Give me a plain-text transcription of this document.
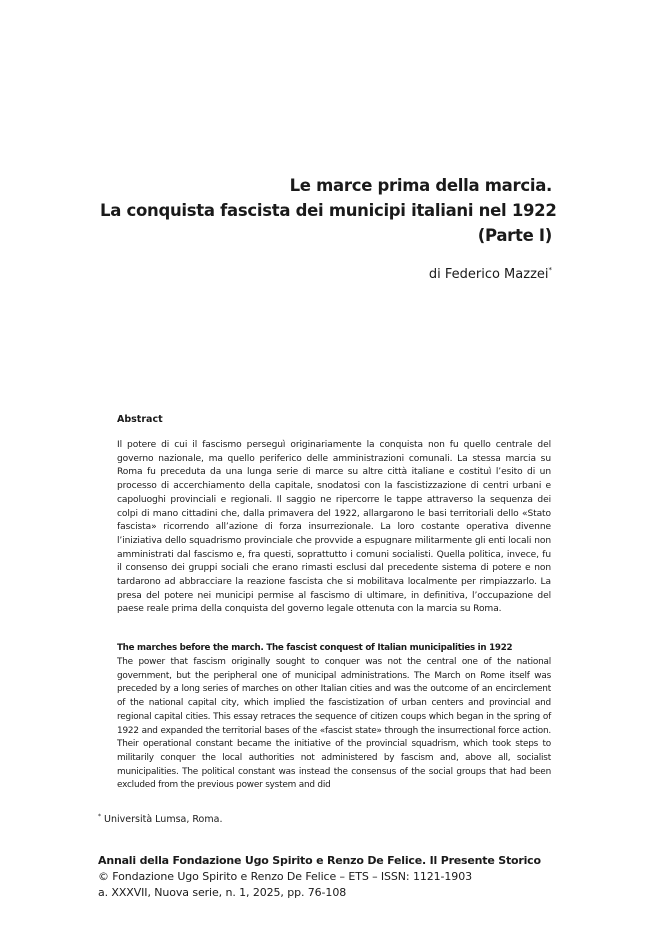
Le marce prima della marcia.
La conquista fascista dei municipi italiani nel 1922
(Parte I)
di Federico Mazzei*
Abstract
Il potere di cui il fascismo perseguì originariamente la conquista non fu quello centrale del governo nazionale, ma quello periferico delle amministrazioni comunali. La stessa marcia su Roma fu preceduta da una lunga serie di marce su altre città italiane e costituì l’esito di un processo di accerchiamento della capitale, snodatosi con la fascistizzazione di centri urbani e capoluoghi provinciali e regionali. Il saggio ne ripercorre le tappe attraverso la sequenza dei colpi di mano cittadini che, dalla primavera del 1922, allargarono le basi territoriali dello «Stato fascista» ricorrendo all’azione di forza insurrezionale. La loro costante operativa divenne l’iniziativa dello squadrismo provinciale che provvide a espugnare militarmente gli enti locali non amministrati dal fascismo e, fra questi, soprattutto i comuni socialisti. Quella politica, invece, fu il consenso dei gruppi sociali che erano rimasti esclusi dal precedente sistema di potere e non tardarono ad abbracciare la reazione fascista che si mobilitava localmente per rimpiazzarlo. La presa del potere nei municipi permise al fascismo di ultimare, in definitiva, l’occupazione del paese reale prima della conquista del governo legale ottenuta con la marcia su Roma.
The marches before the march. The fascist conquest of Italian municipalities in 1922
The power that fascism originally sought to conquer was not the central one of the national government, but the peripheral one of municipal administrations. The March on Rome itself was preceded by a long series of marches on other Italian cities and was the outcome of an encirclement of the national capital city, which implied the fascistization of urban centers and provincial and regional capital cities. This essay retraces the sequence of citizen coups which began in the spring of 1922 and expanded the territorial bases of the «fascist state» through the insurrectional force action. Their operational constant became the initiative of the provincial squadrism, which took steps to militarily conquer the local authorities not administered by fascism and, above all, socialist municipalities. The political constant was instead the consensus of the social groups that had been excluded from the previous power system and did
* Università Lumsa, Roma.
Annali della Fondazione Ugo Spirito e Renzo De Felice. Il Presente Storico
© Fondazione Ugo Spirito e Renzo De Felice – ETS – ISSN: 1121-1903
a. XXXVII, Nuova serie, n. 1, 2025, pp. 76-108
